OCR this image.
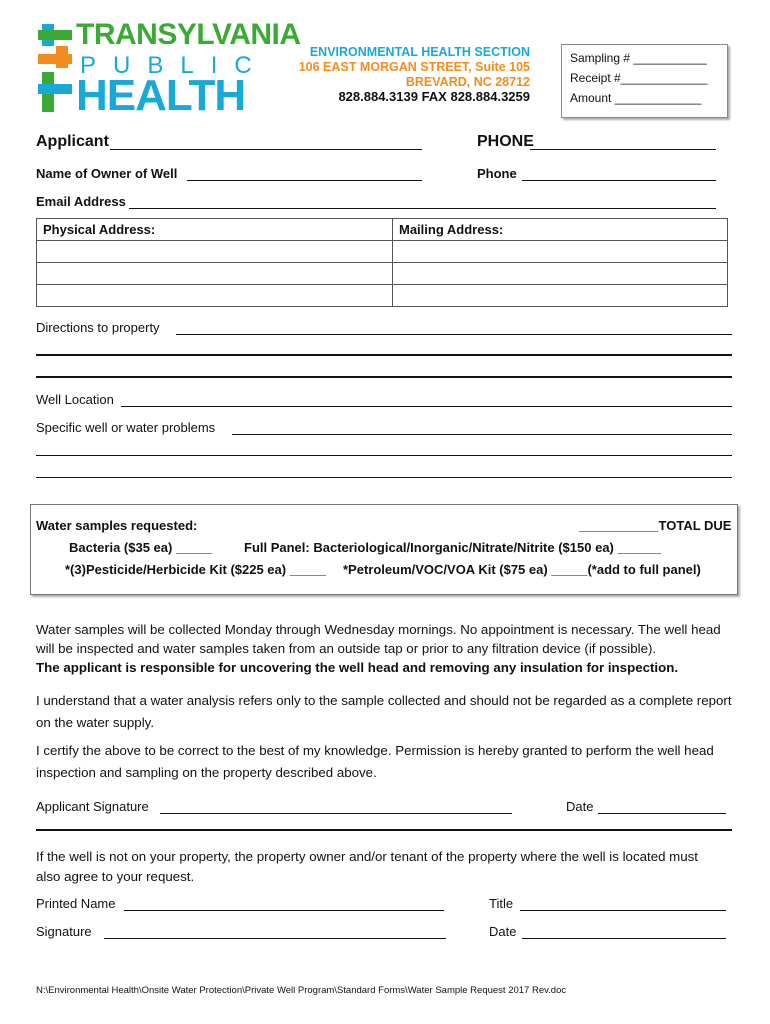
TRANSYLVANIA
PUBLIC
HEALTH
ENVIRONMENTAL HEALTH SECTION
106 EAST MORGAN STREET, Suite 105
BREVARD, NC 28712
828.884.3139 FAX 828.884.3259
Sampling # ___________
Receipt #_____________
Amount _____________
Applicant	PHONE
Name of Owner of Well	Phone
Email Address
Physical Address:	Mailing Address:

Directions to property
Well Location
Specific well or water problems
Water samples requested:	___________TOTAL DUE
Bacteria ($35 ea) _____ Full Panel: Bacteriological/Inorganic/Nitrate/Nitrite ($150 ea) ______
*(3)Pesticide/Herbicide Kit ($225 ea) _____ *Petroleum/VOC/VOA Kit ($75 ea) _____(*add to full panel)
Water samples will be collected Monday through Wednesday mornings. No appointment is necessary. The well head will be inspected and water samples taken from an outside tap or prior to any filtration device (if possible).
The applicant is responsible for uncovering the well head and removing any insulation for inspection.
I understand that a water analysis refers only to the sample collected and should not be regarded as a complete report on the water supply.
I certify the above to be correct to the best of my knowledge. Permission is hereby granted to perform the well head inspection and sampling on the property described above.
Applicant Signature	Date
If the well is not on your property, the property owner and/or tenant of the property where the well is located must also agree to your request.
Printed Name	Title
Signature	Date
N:\Environmental Health\Onsite Water Protection\Private Well Program\Standard Forms\Water Sample Request 2017 Rev.doc
